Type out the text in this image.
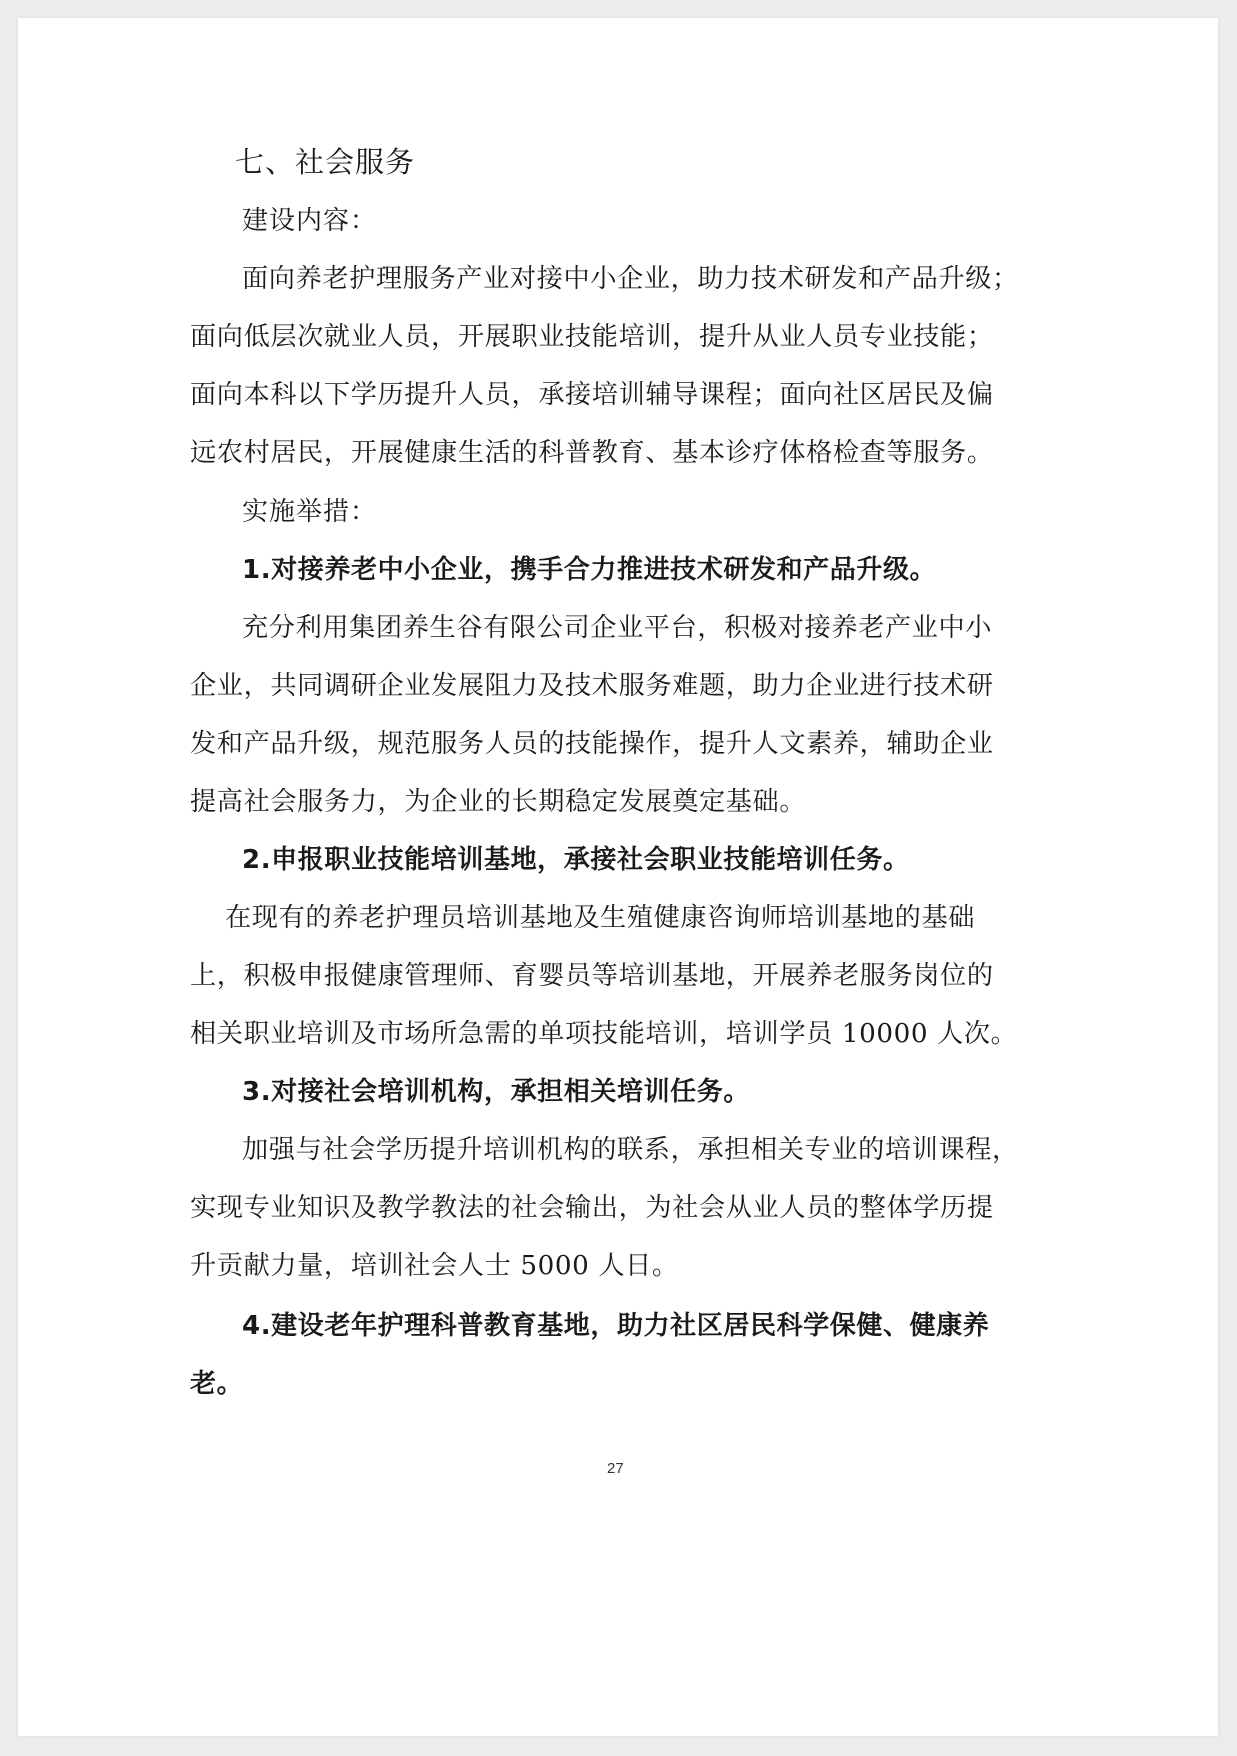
七、社会服务
建设内容：
面向养老护理服务产业对接中小企业，助力技术研发和产品升级；
面向低层次就业人员，开展职业技能培训，提升从业人员专业技能；
面向本科以下学历提升人员，承接培训辅导课程；面向社区居民及偏
远农村居民，开展健康生活的科普教育、基本诊疗体格检查等服务。
实施举措：
1.对接养老中小企业，携手合力推进技术研发和产品升级。
充分利用集团养生谷有限公司企业平台，积极对接养老产业中小
企业，共同调研企业发展阻力及技术服务难题，助力企业进行技术研
发和产品升级，规范服务人员的技能操作，提升人文素养，辅助企业
提高社会服务力，为企业的长期稳定发展奠定基础。
2.申报职业技能培训基地，承接社会职业技能培训任务。
在现有的养老护理员培训基地及生殖健康咨询师培训基地的基础
上，积极申报健康管理师、育婴员等培训基地，开展养老服务岗位的
相关职业培训及市场所急需的单项技能培训，培训学员 10000 人次。
3.对接社会培训机构，承担相关培训任务。
加强与社会学历提升培训机构的联系，承担相关专业的培训课程，
实现专业知识及教学教法的社会输出，为社会从业人员的整体学历提
升贡献力量，培训社会人士 5000 人日。
4.建设老年护理科普教育基地，助力社区居民科学保健、健康养
老。
27
